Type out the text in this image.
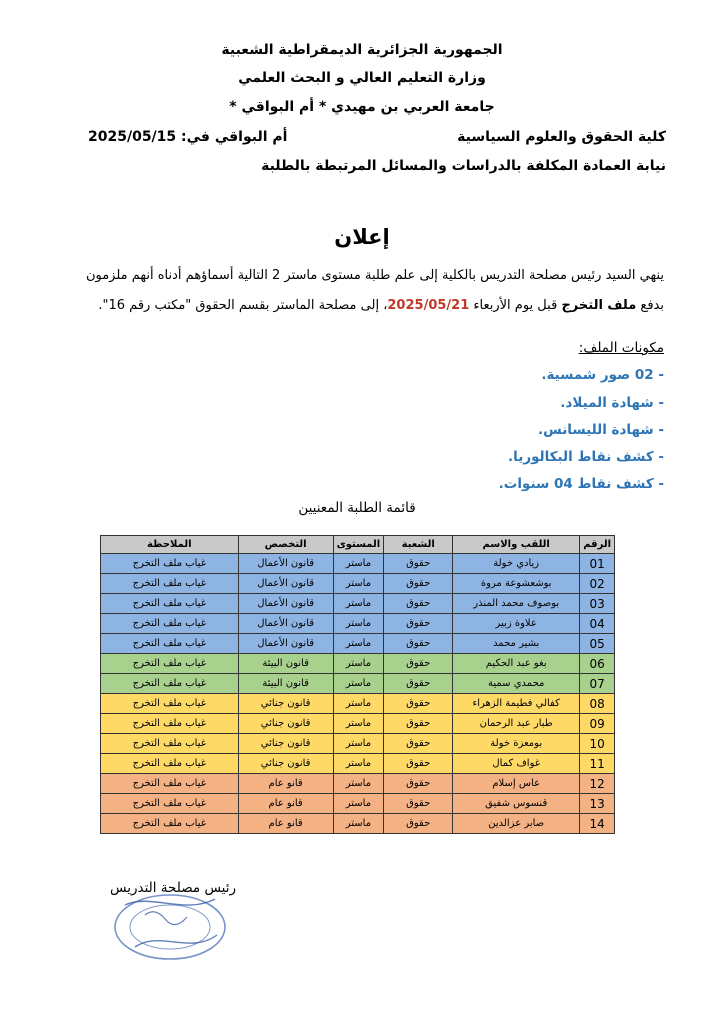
الجمهورية الجزائرية الديمقراطية الشعبية
وزارة التعليم العالي و البحث العلمي
جامعة العربي بن مهيدي * أم البواقي *
كلية الحقوق والعلوم السياسية
أم البواقي في: 2025/05/15
نيابة العمادة المكلفة بالدراسات والمسائل المرتبطة بالطلبة
إعلان
ينهي السيد رئيس مصلحة التدريس بالكلية إلى علم طلبة مستوى ماستر 2 التالية أسماؤهم أدناه أنهم ملزمون
بدفع ملف التخرج قبل يوم الأربعاء 2025/05/21، إلى مصلحة الماستر بقسم الحقوق "مكتب رقم 16".
مكونات الملف:
- 02 صور شمسية.
- شهادة الميلاد.
- شهادة الليسانس.
- كشف نقاط البكالوريا.
- كشف نقاط 04 سنوات.
قائمة الطلبة المعنيين
الرقم	اللقب والاسم	الشعبة	المستوى	التخصص	الملاحظة
01	زيادي خولة	حقوق	ماستر	قانون الأعمال	غياب ملف التخرج
02	بوشعشوعة مروة	حقوق	ماستر	قانون الأعمال	غياب ملف التخرج
03	بوصوف محمد المنذر	حقوق	ماستر	قانون الأعمال	غياب ملف التخرج
04	علاوة زبير	حقوق	ماستر	قانون الأعمال	غياب ملف التخرج
05	بشير محمد	حقوق	ماستر	قانون الأعمال	غياب ملف التخرج
06	بغو عبد الحكيم	حقوق	ماستر	قانون البيئة	غياب ملف التخرج
07	محمدي سمية	حقوق	ماستر	قانون البيئة	غياب ملف التخرج
08	كفالي فطيمة الزهراء	حقوق	ماستر	قانون جنائي	غياب ملف التخرج
09	طبار عبد الرحمان	حقوق	ماستر	قانون جنائي	غياب ملف التخرج
10	بومعزة خولة	حقوق	ماستر	قانون جنائي	غياب ملف التخرج
11	غواف كمال	حقوق	ماستر	قانون جنائي	غياب ملف التخرج
12	عاس إسلام	حقوق	ماستر	قانو عام	غياب ملف التخرج
13	قنسوس شفيق	حقوق	ماستر	قانو عام	غياب ملف التخرج
14	صابر عزالدين	حقوق	ماستر	قانو عام	غياب ملف التخرج
رئيس مصلحة التدريس
